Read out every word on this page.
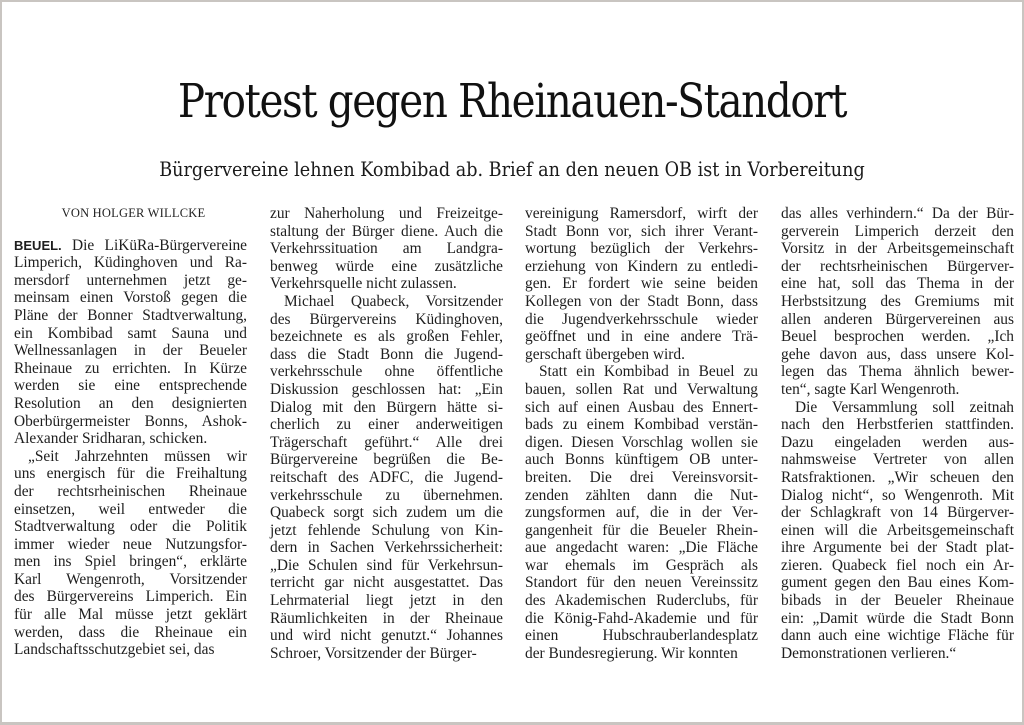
Protest gegen Rheinauen-Standort
Bürgervereine lehnen Kombibad ab. Brief an den neuen OB ist in Vorbereitung
VON HOLGER WILLCKE

BEUEL. Die LiKüRa-Bürgervereine
Limperich, Küdinghoven und Ra-
mersdorf unternehmen jetzt ge-
meinsam einen Vorstoß gegen die
Pläne der Bonner Stadtverwaltung,
ein Kombibad samt Sauna und
Wellnessanlagen in der Beueler
Rheinaue zu errichten. In Kürze
werden sie eine entsprechende
Resolution an den designierten
Oberbürgermeister Bonns, Ashok-
Alexander Sridharan, schicken.

„Seit Jahrzehnten müssen wir
uns energisch für die Freihaltung
der rechtsrheinischen Rheinaue
einsetzen, weil entweder die
Stadtverwaltung oder die Politik
immer wieder neue Nutzungsfor-
men ins Spiel bringen“, erklärte
Karl Wengenroth, Vorsitzender
des Bürgervereins Limperich. Ein
für alle Mal müsse jetzt geklärt
werden, dass die Rheinaue ein
Landschaftsschutzgebiet sei, das

zur Naherholung und Freizeitge-
staltung der Bürger diene. Auch die
Verkehrssituation am Landgra-
benweg würde eine zusätzliche
Verkehrsquelle nicht zulassen.

Michael Quabeck, Vorsitzender
des Bürgervereins Küdinghoven,
bezeichnete es als großen Fehler,
dass die Stadt Bonn die Jugend-
verkehrsschule ohne öffentliche
Diskussion geschlossen hat: „Ein
Dialog mit den Bürgern hätte si-
cherlich zu einer anderweitigen
Trägerschaft geführt.“ Alle drei
Bürgervereine begrüßen die Be-
reitschaft des ADFC, die Jugend-
verkehrsschule zu übernehmen.
Quabeck sorgt sich zudem um die
jetzt fehlende Schulung von Kin-
dern in Sachen Verkehrssicherheit:
„Die Schulen sind für Verkehrsun-
terricht gar nicht ausgestattet. Das
Lehrmaterial liegt jetzt in den
Räumlichkeiten in der Rheinaue
und wird nicht genutzt.“ Johannes
Schroer, Vorsitzender der Bürger-

vereinigung Ramersdorf, wirft der
Stadt Bonn vor, sich ihrer Verant-
wortung bezüglich der Verkehrs-
erziehung von Kindern zu entledi-
gen. Er fordert wie seine beiden
Kollegen von der Stadt Bonn, dass
die Jugendverkehrsschule wieder
geöffnet und in eine andere Trä-
gerschaft übergeben wird.

Statt ein Kombibad in Beuel zu
bauen, sollen Rat und Verwaltung
sich auf einen Ausbau des Ennert-
bads zu einem Kombibad verstän-
digen. Diesen Vorschlag wollen sie
auch Bonns künftigem OB unter-
breiten. Die drei Vereinsvorsit-
zenden zählten dann die Nut-
zungsformen auf, die in der Ver-
gangenheit für die Beueler Rhein-
aue angedacht waren: „Die Fläche
war ehemals im Gespräch als
Standort für den neuen Vereinssitz
des Akademischen Ruderclubs, für
die König-Fahd-Akademie und für
einen Hubschrauberlandesplatz
der Bundesregierung. Wir konnten

das alles verhindern.“ Da der Bür-
gerverein Limperich derzeit den
Vorsitz in der Arbeitsgemeinschaft
der rechtsrheinischen Bürgerver-
eine hat, soll das Thema in der
Herbstsitzung des Gremiums mit
allen anderen Bürgervereinen aus
Beuel besprochen werden. „Ich
gehe davon aus, dass unsere Kol-
legen das Thema ähnlich bewer-
ten“, sagte Karl Wengenroth.

Die Versammlung soll zeitnah
nach den Herbstferien stattfinden.
Dazu eingeladen werden aus-
nahmsweise Vertreter von allen
Ratsfraktionen. „Wir scheuen den
Dialog nicht“, so Wengenroth. Mit
der Schlagkraft von 14 Bürgerver-
einen will die Arbeitsgemeinschaft
ihre Argumente bei der Stadt plat-
zieren. Quabeck fiel noch ein Ar-
gument gegen den Bau eines Kom-
bibads in der Beueler Rheinaue
ein: „Damit würde die Stadt Bonn
dann auch eine wichtige Fläche für
Demonstrationen verlieren.“
